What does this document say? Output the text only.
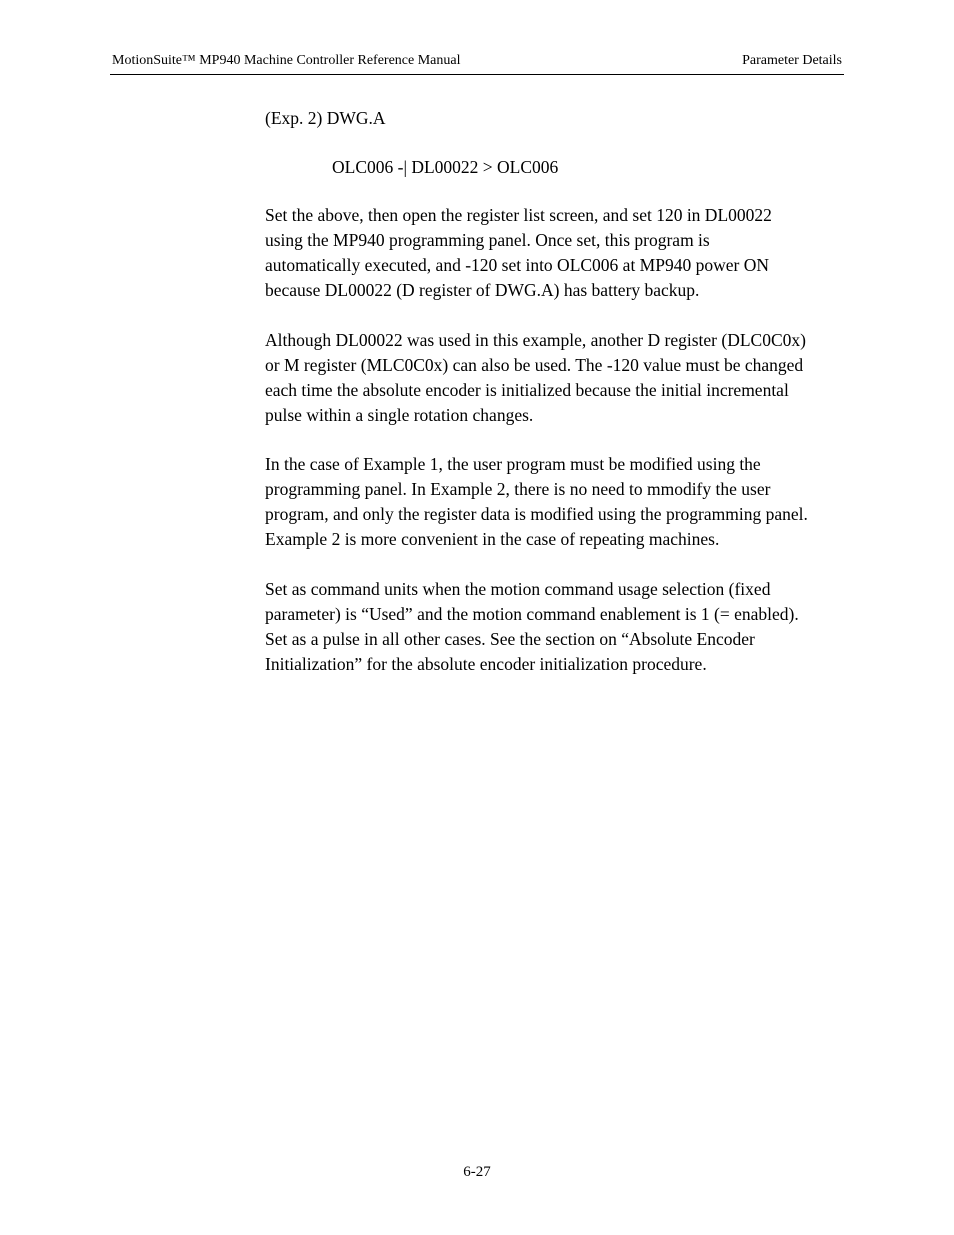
MotionSuite™ MP940 Machine Controller Reference Manual	Parameter Details

(Exp. 2) DWG.A

OLC006 -| DL00022 > OLC006

Set the above, then open the register list screen, and set 120 in DL00022
using the MP940 programming panel. Once set, this program is
automatically executed, and -120 set into OLC006 at MP940 power ON
because DL00022 (D register of DWG.A) has battery backup.

Although DL00022 was used in this example, another D register (DLC0C0x)
or M register (MLC0C0x) can also be used. The -120 value must be changed
each time the absolute encoder is initialized because the initial incremental
pulse within a single rotation changes.

In the case of Example 1, the user program must be modified using the
programming panel. In Example 2, there is no need to mmodify the user
program, and only the register data is modified using the programming panel.
Example 2 is more convenient in the case of repeating machines.

Set as command units when the motion command usage selection (fixed
parameter) is “Used” and the motion command enablement is 1 (= enabled).
Set as a pulse in all other cases. See the section on “Absolute Encoder
Initialization” for the absolute encoder initialization procedure.

6-27
